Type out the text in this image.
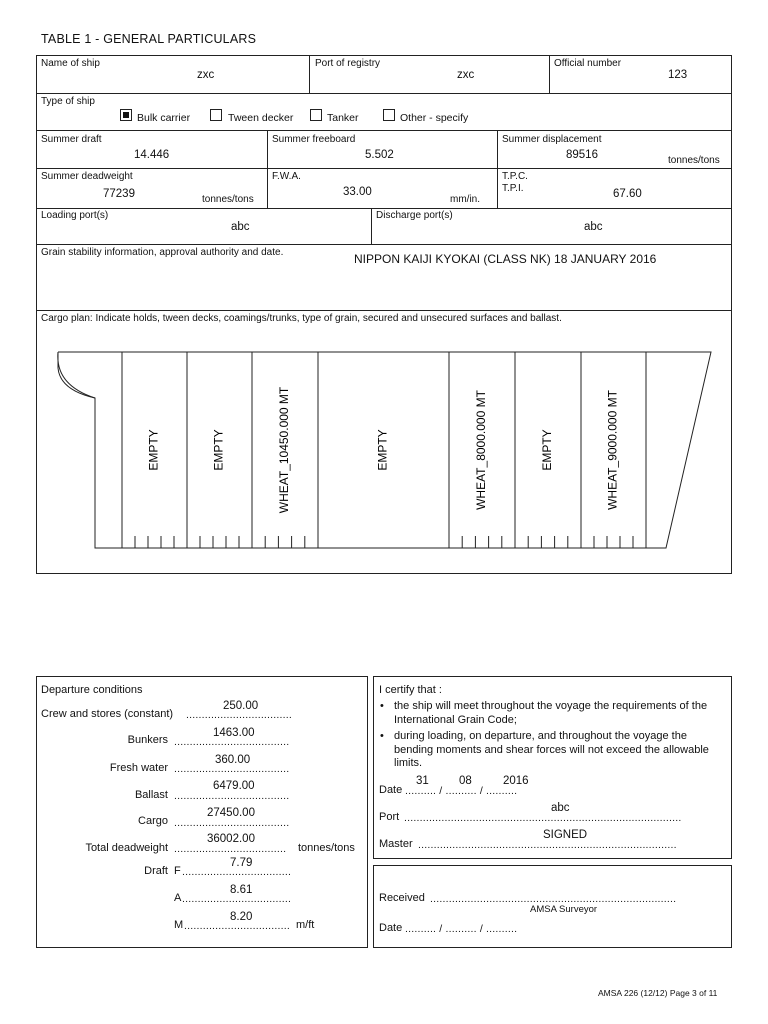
TABLE 1 - GENERAL PARTICULARS
Name of ship
zxc
Port of registry
zxc
Official number
123
Type of ship
Bulk carrier	Tween decker	Tanker	Other - specify
Summer draft
14.446
Summer freeboard
5.502
Summer displacement
89516	tonnes/tons
Summer deadweight
77239	tonnes/tons
F.W.A.
33.00
mm/in.
T.P.C.
T.P.I.	67.60
Loading port(s)
abc
Discharge port(s)
abc
Grain stability information, approval authority and date.	NIPPON KAIJI KYOKAI (CLASS NK) 18 JANUARY 2016
Cargo plan: Indicate holds, tween decks, coamings/trunks, type of grain, secured and unsecured surfaces and ballast.
EMPTY	EMPTY	WHEAT_10450.000 MT	EMPTY	WHEAT_8000.000 MT	EMPTY	WHEAT_9000.000 MT
Departure conditions
Crew and stores (constant) ..................................
250.00
Bunkers .....................................
1463.00
Fresh water .....................................
360.00
Ballast .....................................
6479.00
Cargo .....................................
27450.00
Total deadweight ....................................
36002.00
tonnes/tons
Draft F ...................................
7.79
A ...................................
8.61
M ..................................
8.20
m/ft
I certify that :
• the ship will meet throughout the voyage the requirements of the International Grain Code;
• during loading, on departure, and throughout the voyage the bending moments and shear forces will not exceed the allowable limits.
Date .......... / .......... / ..........
31	08	2016
Port .........................................................................................
abc
Master ...................................................................................
SIGNED
Received ...............................................................................
AMSA Surveyor
Date .......... / .......... / ..........
AMSA 226 (12/12) Page 3 of 11
